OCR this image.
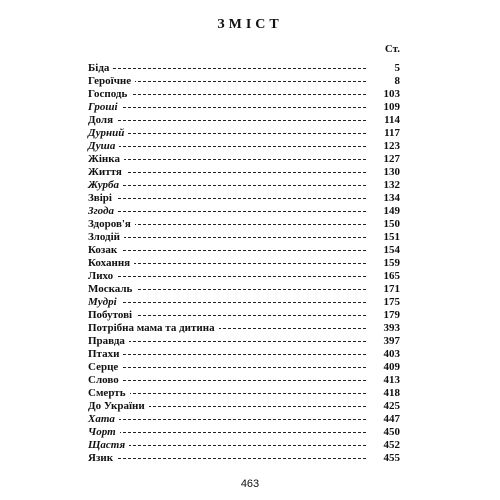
ЗМІСТ
Ст.
Біда	5
Героїчне	8
Господь	103
Гроші	109
Доля	114
Дурний	117
Душа	123
Жінка	127
Життя	130
Журба	132
Звірі	134
Згода	149
Здоров'я	150
Злодій	151
Козак	154
Кохання	159
Лихо	165
Москаль	171
Мудрі	175
Побутові	179
Потрібна мама та дитина	393
Правда	397
Птахи	403
Серце	409
Слово	413
Смерть	418
До України	425
Хата	447
Чорт	450
Щастя	452
Язик	455
463
